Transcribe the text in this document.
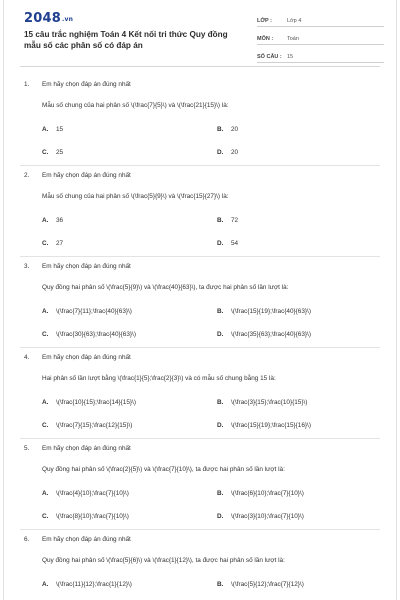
2048.vn
15 câu trắc nghiệm Toán 4 Kết nối tri thức Quy đồng mẫu số các phân số có đáp án
LỚP :	Lớp 4
MÔN :	Toán
SỐ CÂU : 15
1. Em hãy chọn đáp án đúng nhất
Mẫu số chung của hai phân số \(\frac{7}{5}\) và \(\frac{21}{15}\) là:
A. 15	B. 20
C. 25	D. 20
2. Em hãy chọn đáp án đúng nhất
Mẫu số chung của hai phân số \(\frac{5}{9}\) và \(\frac{15}{27}\) là:
A. 36	B. 72
C. 27	D. 54
3. Em hãy chọn đáp án đúng nhất
Quy đồng hai phân số \(\frac{5}{9}\) và \(\frac{40}{63}\), ta được hai phân số lần lượt là:
A. \(\frac{7}{11};\frac{40}{63}\)	B. \(\frac{15}{19};\frac{40}{63}\)
C. \(\frac{30}{63};\frac{40}{63}\)	D. \(\frac{35}{63};\frac{40}{63}\)
4. Em hãy chọn đáp án đúng nhất
Hai phân số lần lượt bằng \(\frac{1}{5};\frac{2}{3}\) và có mẫu số chung bằng 15 là:
A. \(\frac{10}{15};\frac{14}{15}\)	B. \(\frac{3}{15};\frac{10}{15}\)
C. \(\frac{7}{15};\frac{12}{15}\)	D. \(\frac{15}{19};\frac{15}{16}\)
5. Em hãy chọn đáp án đúng nhất
Quy đồng hai phân số \(\frac{2}{5}\) và \(\frac{7}{10}\), ta được hai phân số lần lượt là:
A. \(\frac{4}{10};\frac{7}{10}\)	B. \(\frac{6}{10};\frac{7}{10}\)
C. \(\frac{8}{10};\frac{7}{10}\)	D. \(\frac{3}{10};\frac{7}{10}\)
6. Em hãy chọn đáp án đúng nhất
Quy đồng hai phân số \(\frac{5}{6}\) và \(\frac{1}{12}\), ta được hai phân số lần lượt là:
A. \(\frac{11}{12};\frac{1}{12}\)	B. \(\frac{5}{12};\frac{7}{12}\)
